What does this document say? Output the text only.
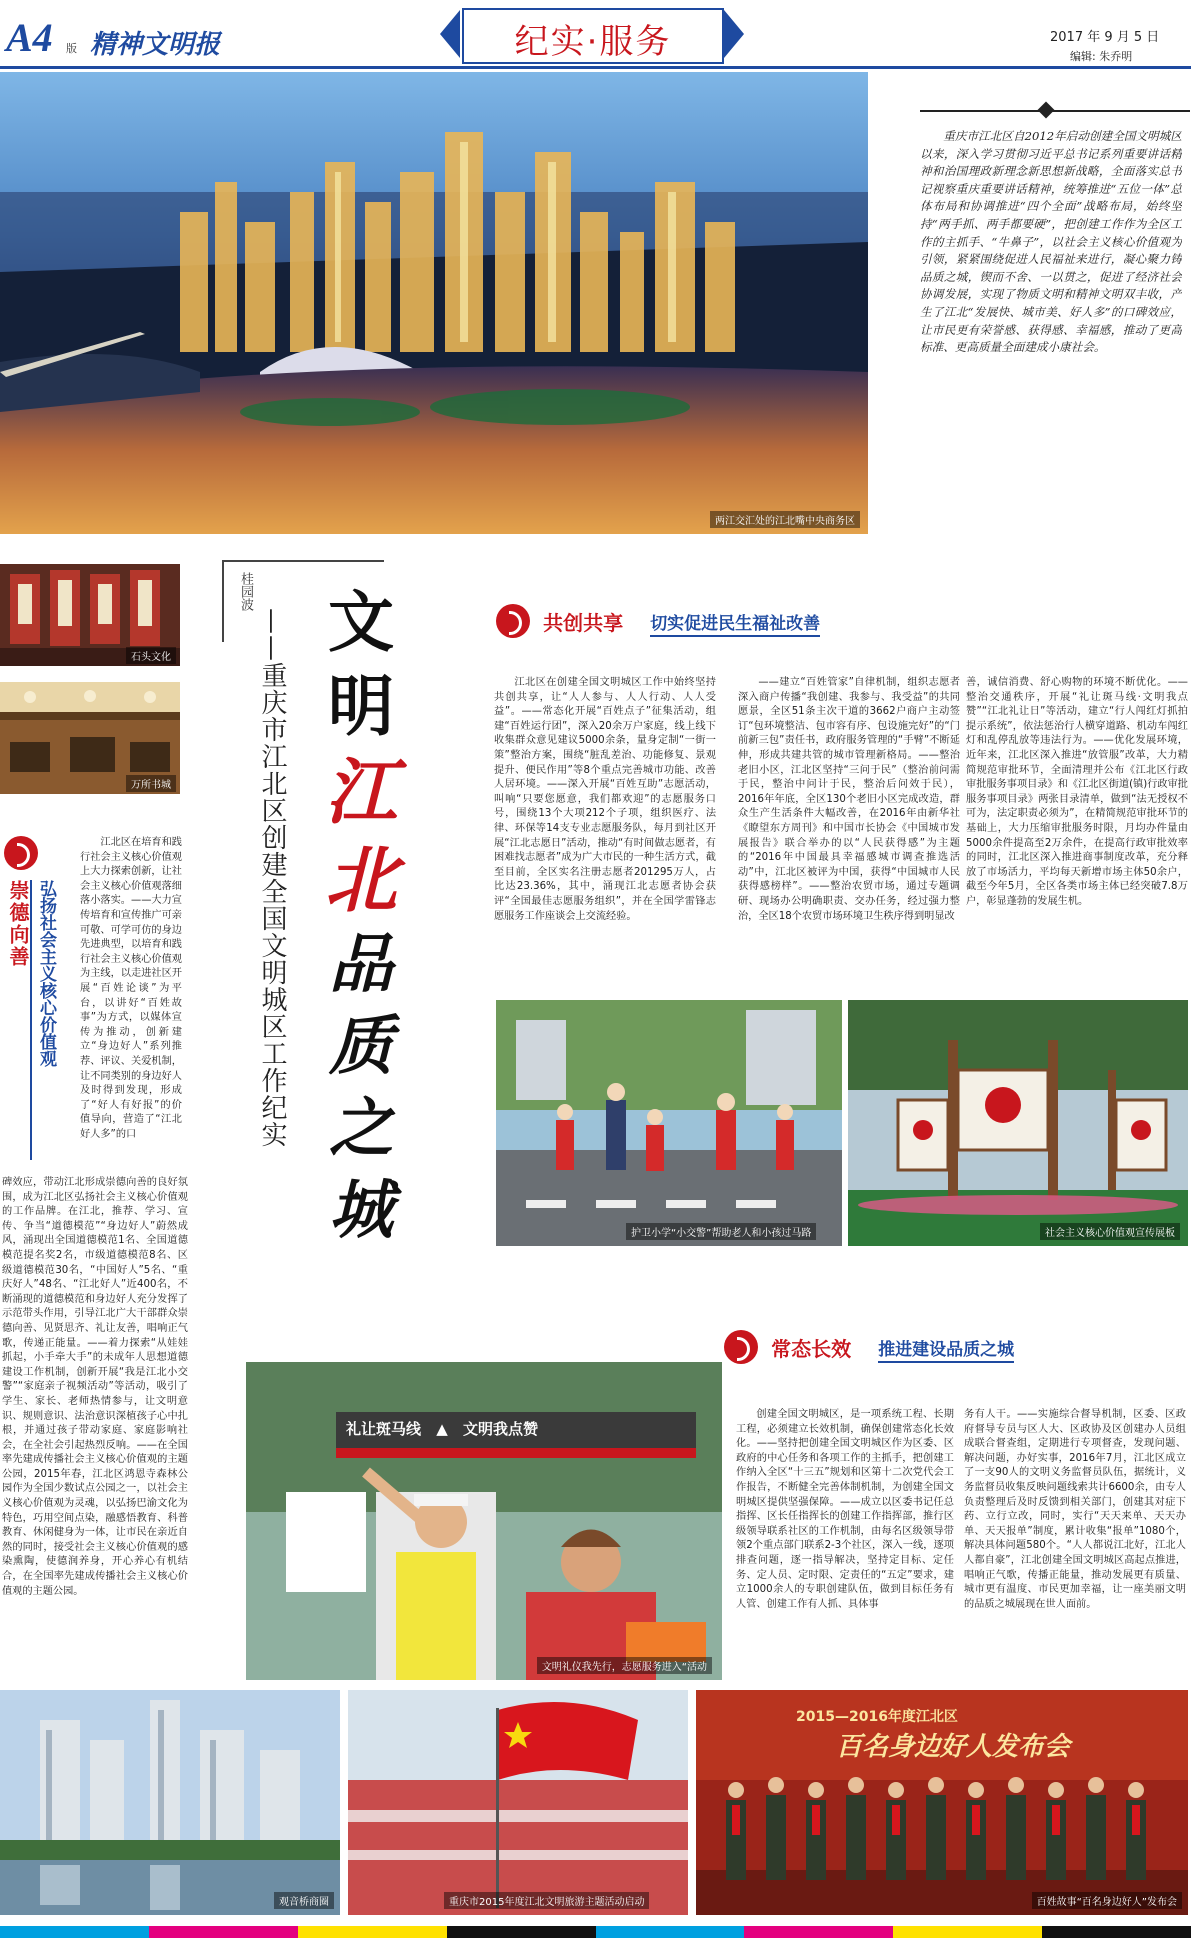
A4 版 精神文明报	纪实·服务	2017 年 9 月 5 日
编辑: 朱乔明
两江交汇处的江北嘴中央商务区

重庆市江北区自2012年启动创建全国文明城区以来，深入学习贯彻习近平总书记系列重要讲话精神和治国理政新理念新思想新战略，全面落实总书记视察重庆重要讲话精神，统筹推进“五位一体”总体布局和协调推进“四个全面”战略布局，始终坚持“两手抓、两手都要硬”，把创建工作作为全区工作的主抓手、“牛鼻子”，以社会主义核心价值观为引领，紧紧围绕促进人民福祉来进行，凝心聚力铸品质之城，锲而不舍、一以贯之，促进了经济社会协调发展，实现了物质文明和精神文明双丰收，产生了江北“发展快、城市美、好人多”的口碑效应，让市民更有荣誉感、获得感、幸福感，推动了更高标准、更高质量全面建成小康社会。

石头文化
万所书城
桂园波
——重庆市江北区创建全国文明城区工作纪实 文
明
江
北
品
质
之
城
崇德向善 弘扬社会主义核心价值观

江北区在培育和践行社会主义核心价值观上大力探索创新，让社会主义核心价值观落细落小落实。——大力宣传培育和宣传推广可亲可敬、可学可仿的身边先进典型，以培育和践行社会主义核心价值观为主线，以走进社区开展“百姓论谈”为平台，以讲好“百姓故事”为方式，以媒体宣传为推动，创新建立“身边好人”系列推荐、评议、关爱机制，让不同类别的身边好人及时得到发现，形成了“好人有好报”的价值导向，营造了“江北好人多”的口

碑效应，带动江北形成崇德向善的良好氛围，成为江北区弘扬社会主义核心价值观的工作品牌。在江北，推荐、学习、宣传、争当“道德模范”“身边好人”蔚然成风，涌现出全国道德模范1名、全国道德模范提名奖2名，市级道德模范8名、区级道德模范30名，“中国好人”5名、“重庆好人”48名、“江北好人”近400名，不断涌现的道德模范和身边好人充分发挥了示范带头作用，引导江北广大干部群众崇德向善、见贤思齐、礼让友善，唱响正气歌，传递正能量。——着力探索“从娃娃抓起，小手牵大手”的未成年人思想道德建设工作机制，创新开展“我是江北小交警”“家庭亲子视频活动”等活动，吸引了学生、家长、老师热情参与，让文明意识、规则意识、法治意识深植孩子心中扎根，并通过孩子带动家庭、家庭影响社会，在全社会引起热烈反响。——在全国率先建成传播社会主义核心价值观的主题公园，2015年春，江北区鸿恩寺森林公园作为全国少数试点公园之一，以社会主义核心价值观为灵魂，以弘扬巴渝文化为特色，巧用空间点染，融感悟教育、科普教育、休闲健身为一体，让市民在亲近自然的同时，接受社会主义核心价值观的感染熏陶，使德润养身，开心养心有机结合，在全国率先建成传播社会主义核心价值观的主题公园。

共创共享 切实促进民生福祉改善

江北区在创建全国文明城区工作中始终坚持共创共享，让“人人参与、人人行动、人人受益”。——常态化开展“百姓点子”征集活动，组建“百姓运行团”，深入20余万户家庭，线上线下收集群众意见建议5000余条，量身定制“一街一策”整治方案，围绕“脏乱差治、功能修复、景观提升、便民作用”等8个重点完善城市功能、改善人居环境。——深入开展“百姓互助”志愿活动，叫响“只要您愿意，我们都欢迎”的志愿服务口号，围绕13个大项212个子项，组织医疗、法律、环保等14支专业志愿服务队，每月到社区开展“江北志愿日”活动，推动“有时间做志愿者，有困难找志愿者”成为广大市民的一种生活方式，截至目前，全区实名注册志愿者201295万人，占比达23.36%，其中，涌现江北志愿者协会获评“全国最佳志愿服务组织”，并在全国学雷锋志愿服务工作座谈会上交流经验。

——建立“百姓管家”自律机制，组织志愿者深入商户传播“我创建、我参与、我受益”的共同愿景，全区51条主次干道的3662户商户主动签订“包环境整洁、包市容有序、包设施完好”的“门前新三包”责任书，政府服务管理的“手臂”不断延伸，形成共建共管的城市管理新格局。——整治老旧小区，江北区坚持“三问于民”（整治前问需于民，整治中问计于民，整治后问效于民），2016年年底，全区130个老旧小区完成改造，群众生产生活条件大幅改善，在2016年由新华社《瞭望东方周刊》和中国市长协会《中国城市发展报告》联合举办的以“人民获得感”为主题的“2016年中国最具幸福感城市调查推选活动”中，江北区被评为中国，获得“中国城市人民获得感榜样”。——整治农贸市场，通过专题调研、现场办公明确职责、交办任务，经过强力整治，全区18个农贸市场环境卫生秩序得到明显改

善，诚信消费、舒心购物的环境不断优化。——整治交通秩序，开展“礼让斑马线·文明我点赞”“江北礼让日”等活动，建立“行人闯红灯抓拍提示系统”，依法惩治行人横穿道路、机动车闯红灯和乱停乱放等违法行为。——优化发展环境，近年来，江北区深入推进“放管服”改革，大力精简规范审批环节，全面清理并公布《江北区行政审批服务事项目录》和《江北区街道(镇)行政审批服务事项目录》两张目录清单，做到“法无授权不可为，法定职责必须为”，在精简规范审批环节的基础上，大力压缩审批服务时限，月均办件量由5000余件提高至2万余件，在提高行政审批效率的同时，江北区深入推进商事制度改革，充分释放了市场活力，平均每天新增市场主体50余户，截至今年5月，全区各类市场主体已经突破7.8万户，彰显蓬勃的发展生机。

护卫小学“小交警”帮助老人和小孩过马路	社会主义核心价值观宣传展板
常态长效 推进建设品质之城

创建全国文明城区，是一项系统工程、长期工程，必须建立长效机制，确保创建常态化长效化。——坚持把创建全国文明城区作为区委、区政府的中心任务和各项工作的主抓手，把创建工作纳入全区“十三五”规划和区第十二次党代会工作报告，不断健全完善体制机制，为创建全国文明城区提供坚强保障。——成立以区委书记任总指挥、区长任指挥长的创建工作指挥部，推行区级领导联系社区的工作机制，由每名区级领导带领2个重点部门联系2-3个社区，深入一线，逐项排查问题，逐一指导解决，坚持定目标、定任务、定人员、定时限、定责任的“五定”要求，建立1000余人的专职创建队伍，做到目标任务有人管、创建工作有人抓、具体事

务有人干。——实施综合督导机制，区委、区政府督导专员与区人大、区政协及区创建办人员组成联合督查组，定期进行专项督查，发现问题、解决问题，办好实事，2016年7月，江北区成立了一支90人的文明义务监督员队伍，据统计，义务监督员收集反映问题线索共计6600余，由专人负责整理后及时反馈到相关部门，创建其对症下药、立行立改，同时，实行“天天来单、天天办单、天天报单”制度，累计收集“报单”1080个，解决具体问题580个。“人人都说江北好，江北人人都自豪”，江北创建全国文明城区高起点推进，唱响正气歌，传播正能量，推动发展更有质量、城市更有温度、市民更加幸福，让一座美丽文明的品质之城展现在世人面前。

礼让斑马线 ▲ 文明我点赞
文明礼仪我先行，志愿服务进入“活动
观音桥商圈	重庆市2015年度江北文明旅游主题活动启动
2015—2016年度江北区
百名身边好人发布会
百姓故事“百名身边好人”发布会
